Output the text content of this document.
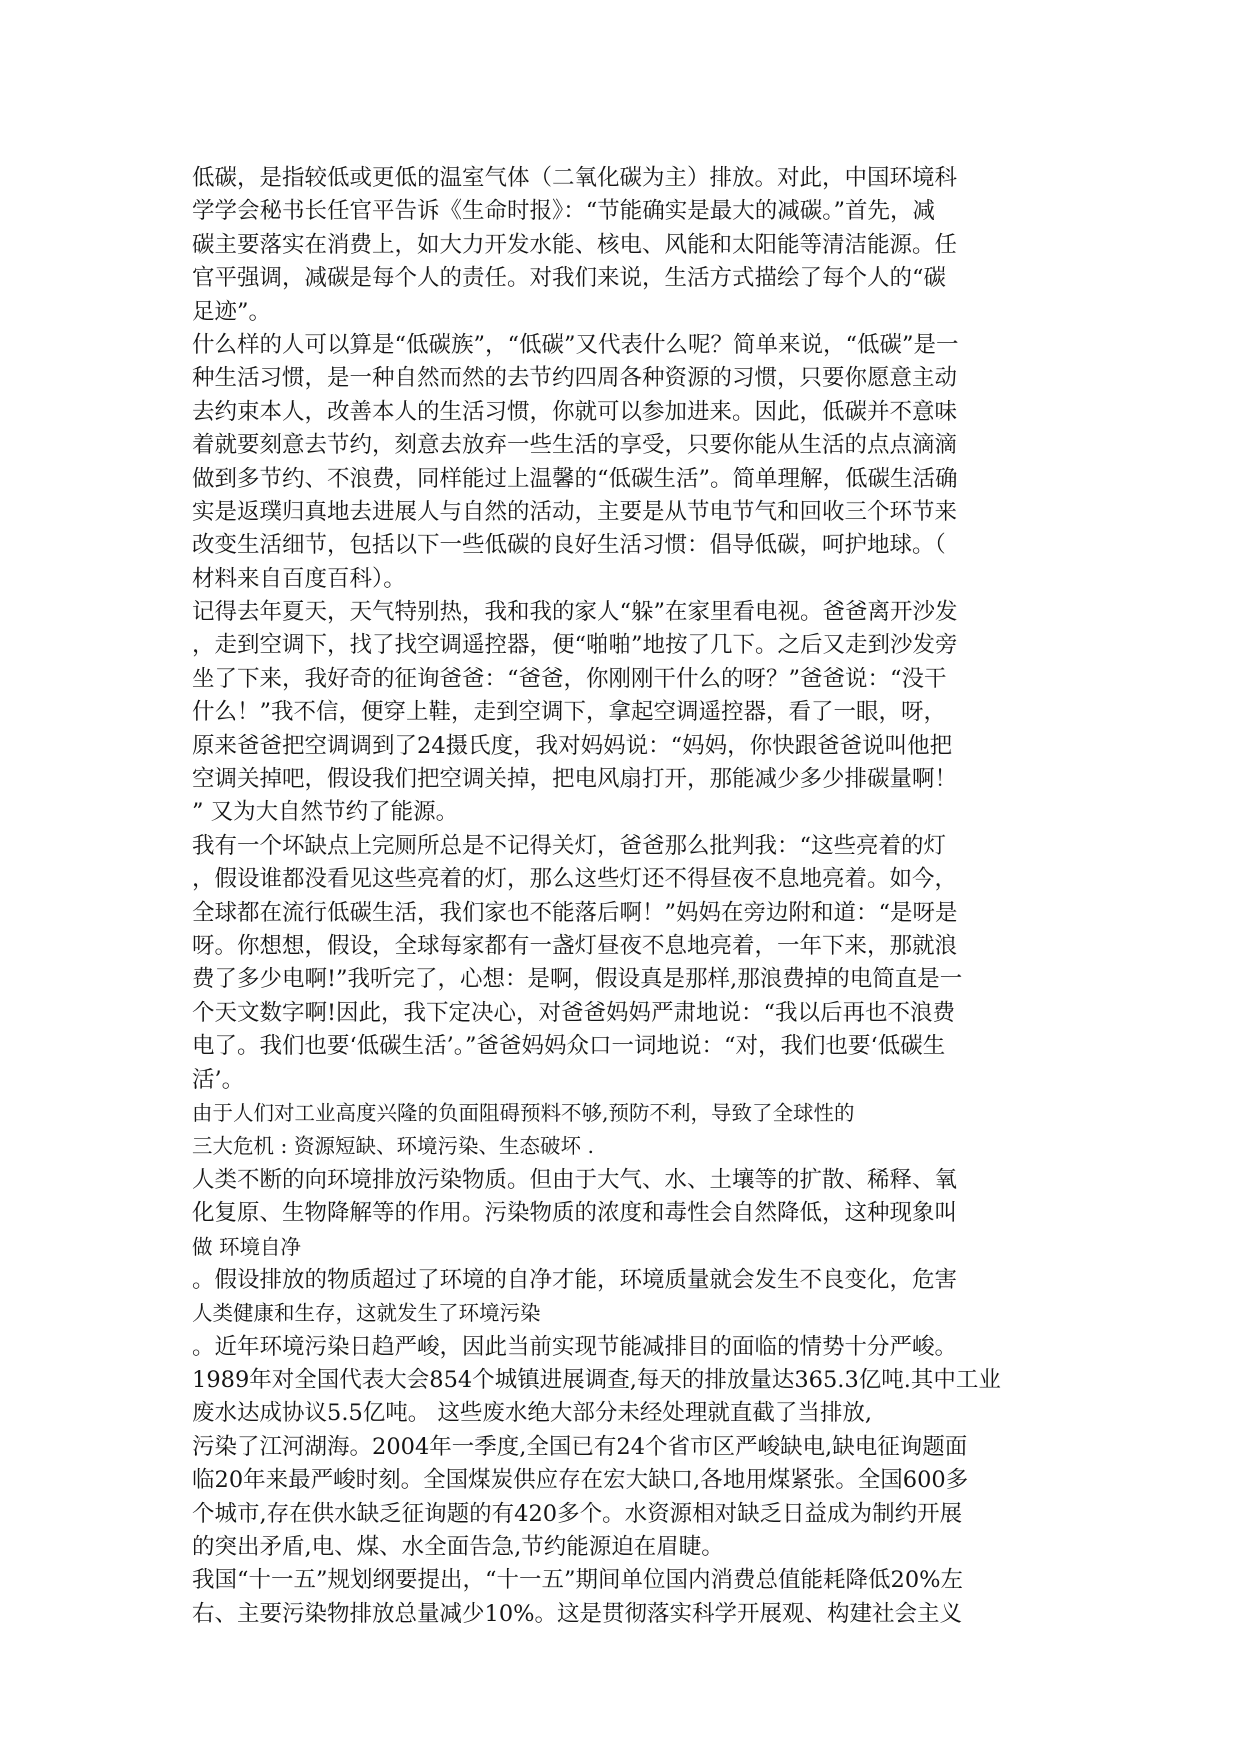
低碳，是指较低或更低的温室气体（二氧化碳为主）排放。对此，中国环境科
学学会秘书长任官平告诉《生命时报》：“节能确实是最大的减碳。”首先，减
碳主要落实在消费上，如大力开发水能、核电、风能和太阳能等清洁能源。任
官平强调，减碳是每个人的责任。对我们来说，生活方式描绘了每个人的“碳
足迹”。
什么样的人可以算是“低碳族”，“低碳”又代表什么呢？简单来说，“低碳”是一
种生活习惯，是一种自然而然的去节约四周各种资源的习惯，只要你愿意主动
去约束本人，改善本人的生活习惯，你就可以参加进来。因此，低碳并不意味
着就要刻意去节约，刻意去放弃一些生活的享受，只要你能从生活的点点滴滴
做到多节约、不浪费，同样能过上温馨的“低碳生活”。简单理解，低碳生活确
实是返璞归真地去进展人与自然的活动，主要是从节电节气和回收三个环节来
改变生活细节，包括以下一些低碳的良好生活习惯：倡导低碳，呵护地球。（
材料来自百度百科）。
记得去年夏天，天气特别热，我和我的家人“躲”在家里看电视。爸爸离开沙发
，走到空调下，找了找空调遥控器，便“啪啪”地按了几下。之后又走到沙发旁
坐了下来，我好奇的征询爸爸：“爸爸，你刚刚干什么的呀？”爸爸说：“没干
什么！”我不信，便穿上鞋，走到空调下，拿起空调遥控器，看了一眼，呀，
原来爸爸把空调调到了24摄氏度，我对妈妈说：“妈妈，你快跟爸爸说叫他把
空调关掉吧，假设我们把空调关掉，把电风扇打开，那能减少多少排碳量啊！
” 又为大自然节约了能源。
我有一个坏缺点上完厕所总是不记得关灯，爸爸那么批判我：“这些亮着的灯
，假设谁都没看见这些亮着的灯，那么这些灯还不得昼夜不息地亮着。如今，
全球都在流行低碳生活，我们家也不能落后啊！”妈妈在旁边附和道：“是呀是
呀。你想想，假设，全球每家都有一盏灯昼夜不息地亮着，一年下来，那就浪
费了多少电啊!”我听完了，心想：是啊，假设真是那样,那浪费掉的电简直是一
个天文数字啊!因此，我下定决心，对爸爸妈妈严肃地说：“我以后再也不浪费
电了。我们也要‘低碳生活’。”爸爸妈妈众口一词地说：“对，我们也要‘低碳生
活’。
由于人们对工业高度兴隆的负面阻碍预料不够,预防不利，导致了全球性的
三大危机 : 资源短缺、环境污染、生态破坏 .
人类不断的向环境排放污染物质。但由于大气、水、土壤等的扩散、稀释、氧
化复原、生物降解等的作用。污染物质的浓度和毒性会自然降低，这种现象叫
做 环境自净
。假设排放的物质超过了环境的自净才能，环境质量就会发生不良变化，危害
人类健康和生存，这就发生了环境污染
。近年环境污染日趋严峻，因此当前实现节能减排目的面临的情势十分严峻。
1989年对全国代表大会854个城镇进展调查,每天的排放量达365.3亿吨.其中工业
废水达成协议5.5亿吨。 这些废水绝大部分未经处理就直截了当排放,
污染了江河湖海。2004年一季度,全国已有24个省市区严峻缺电,缺电征询题面
临20年来最严峻时刻。全国煤炭供应存在宏大缺口,各地用煤紧张。全国600多
个城市,存在供水缺乏征询题的有420多个。水资源相对缺乏日益成为制约开展
的突出矛盾,电、煤、水全面告急,节约能源迫在眉睫。
我国“十一五”规划纲要提出，“十一五”期间单位国内消费总值能耗降低20%左
右、主要污染物排放总量减少10%。这是贯彻落实科学开展观、构建社会主义
